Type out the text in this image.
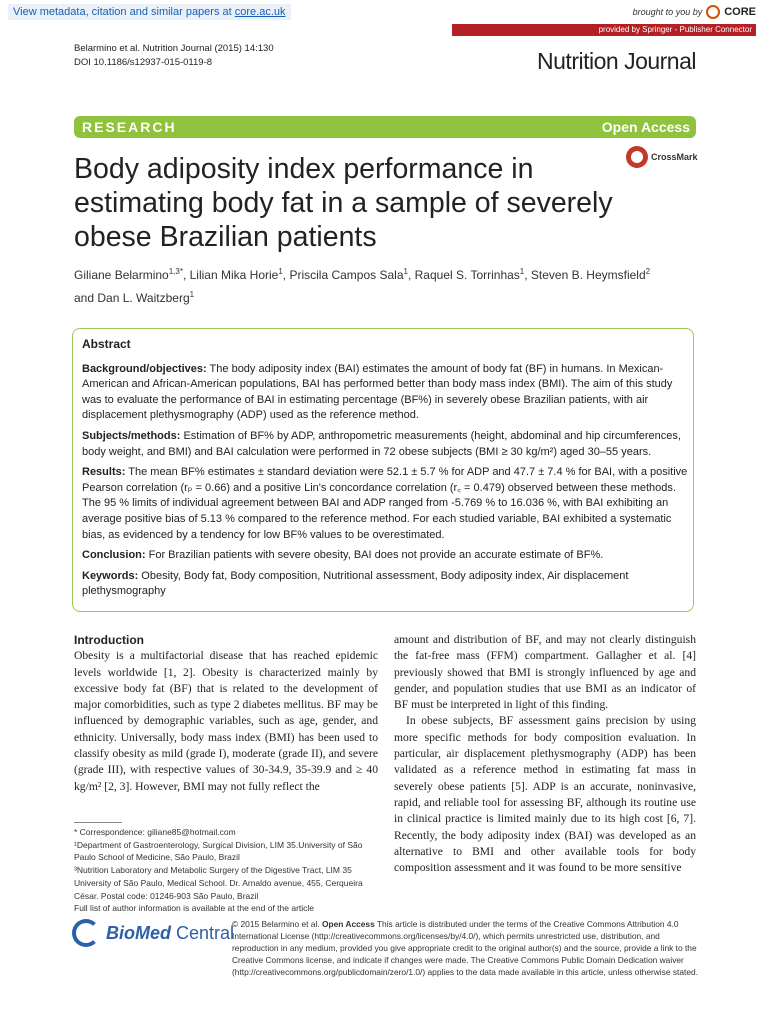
View metadata, citation and similar papers at core.ac.uk	brought to you by CORE
provided by Springer - Publisher Connector
Belarmino et al. Nutrition Journal (2015) 14:130
DOI 10.1186/s12937-015-0119-8	Nutrition Journal
RESEARCH	Open Access
CrossMark
Body adiposity index performance in estimating body fat in a sample of severely obese Brazilian patients
Giliane Belarmino$^{1,3*}$, Lilian Mika Horie$^1$, Priscila Campos Sala$^1$, Raquel S. Torrinhas$^1$, Steven B. Heymsfield$^2$
and Dan L. Waitzberg$^1$
Abstract

Background/objectives: The body adiposity index (BAI) estimates the amount of body fat (BF) in humans. In Mexican-American and African-American populations, BAI has performed better than body mass index (BMI). The aim of this study was to evaluate the performance of BAI in estimating percentage (BF%) in severely obese Brazilian patients, with air displacement plethysmography (ADP) used as the reference method.

Subjects/methods: Estimation of BF% by ADP, anthropometric measurements (height, abdominal and hip circumferences, body weight, and BMI) and BAI calculation were performed in 72 obese subjects (BMI ≥ 30 kg/m²) aged 30–55 years.

Results: The mean BF% estimates ± standard deviation were 52.1 ± 5.7 % for ADP and 47.7 ± 7.4 % for BAI, with a positive Pearson correlation (rₚ = 0.66) and a positive Lin's concordance correlation (r꜀ = 0.479) observed between these methods. The 95 % limits of individual agreement between BAI and ADP ranged from -5.769 % to 16.036 %, with BAI exhibiting an average positive bias of 5.13 % compared to the reference method. For each studied variable, BAI exhibited a systematic bias, as evidenced by a tendency for low BF% values to be overestimated.

Conclusion: For Brazilian patients with severe obesity, BAI does not provide an accurate estimate of BF%.

Keywords: Obesity, Body fat, Body composition, Nutritional assessment, Body adiposity index, Air displacement plethysmography

Introduction

Obesity is a multifactorial disease that has reached epidemic levels worldwide [1, 2]. Obesity is characterized mainly by excessive body fat (BF) that is related to the development of major comorbidities, such as type 2 diabetes mellitus. BF may be influenced by demographic variables, such as age, gender, and ethnicity. Universally, body mass index (BMI) has been used to classify obesity as mild (grade I), moderate (grade II), and severe (grade III), with respective values of 30-34.9, 35-39.9 and ≥ 40 kg/m² [2, 3]. However, BMI may not fully reflect the

amount and distribution of BF, and may not clearly distinguish the fat-free mass (FFM) compartment. Gallagher et al. [4] previously showed that BMI is strongly influenced by age and gender, and population studies that use BMI as an indicator of BF must be interpreted in light of this finding.

In obese subjects, BF assessment gains precision by using more specific methods for body composition evaluation. In particular, air displacement plethysmography (ADP) has been validated as a reference method in estimating fat mass in severely obese patients [5]. ADP is an accurate, noninvasive, rapid, and reliable tool for assessing BF, although its routine use in clinical practice is limited mainly due to its high cost [6, 7]. Recently, the body adiposity index (BAI) was developed as an alternative to BMI and other available tools for body composition assessment and it was found to be more sensitive

* Correspondence: giliane85@hotmail.com

¹Department of Gastroenterology, Surgical Division, LIM 35.University of São Paulo School of Medicine, São Paulo, Brazil

³Nutrition Laboratory and Metabolic Surgery of the Digestive Tract, LIM 35 University of São Paulo, Medical School. Dr. Arnaldo avenue, 455, Cerqueira César. Postal code: 01246-903 São Paulo, Brazil

Full list of author information is available at the end of the article

BioMed Central
© 2015 Belarmino et al. Open Access This article is distributed under the terms of the Creative Commons Attribution 4.0 International License (http://creativecommons.org/licenses/by/4.0/), which permits unrestricted use, distribution, and reproduction in any medium, provided you give appropriate credit to the original author(s) and the source, provide a link to the Creative Commons license, and indicate if changes were made. The Creative Commons Public Domain Dedication waiver (http://creativecommons.org/publicdomain/zero/1.0/) applies to the data made available in this article, unless otherwise stated.
